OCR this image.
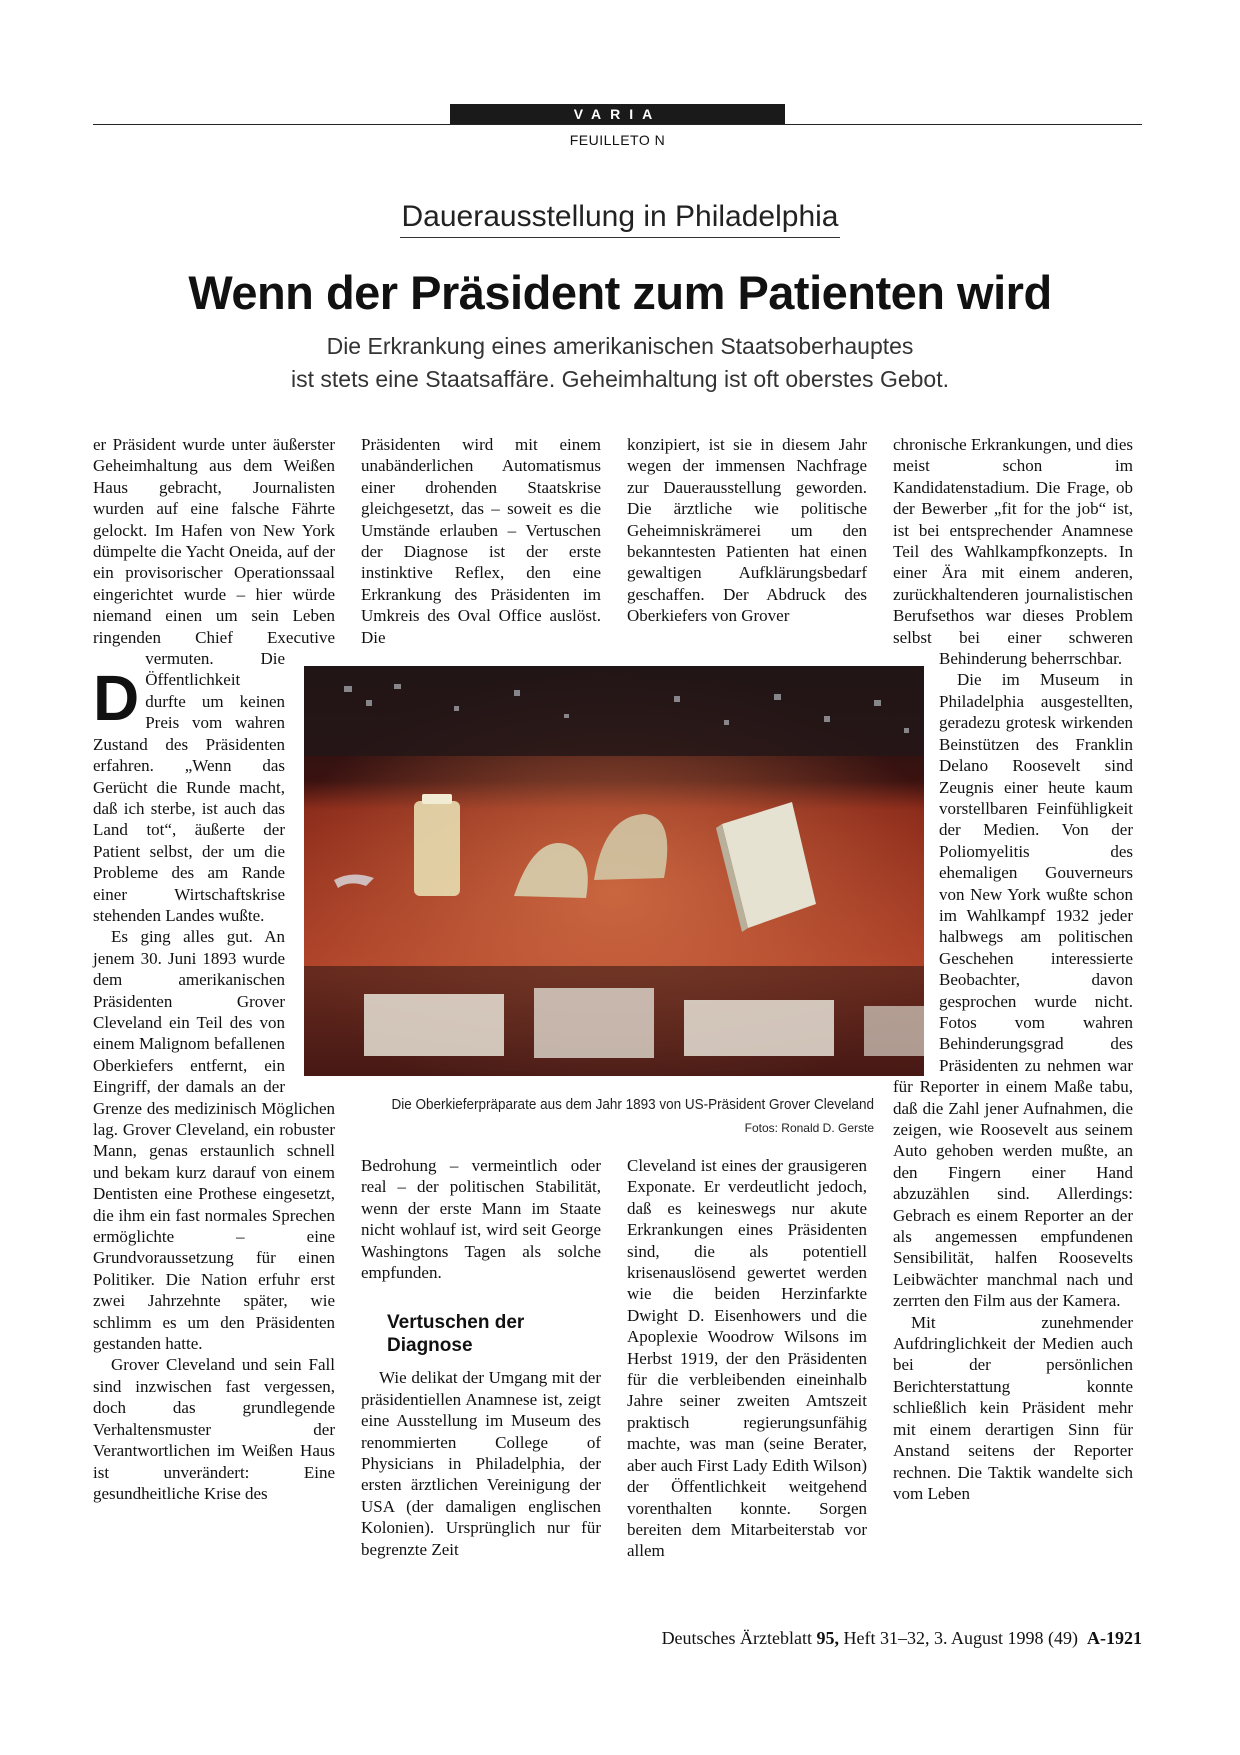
VARIA
FEUILLETO N
Dauerausstellung in Philadelphia
Wenn der Präsident zum Patienten wird
Die Erkrankung eines amerikanischen Staatsoberhauptes
ist stets eine Staatsaffäre. Geheimhaltung ist oft oberstes Gebot.
D

er Präsident wurde unter äußerster Geheimhaltung aus dem Weißen Haus gebracht, Journalisten wurden auf eine falsche Fährte gelockt. Im Hafen von New York dümpelte die Yacht Oneida, auf der ein provisorischer Operationssaal eingerichtet wurde – hier würde niemand einen um sein Leben ringenden Chief Executive vermuten. Die Öffentlichkeit durfte um keinen Preis vom wahren Zustand des Präsidenten erfahren. „Wenn das Gerücht die Runde macht, daß ich sterbe, ist auch das Land tot“, äußerte der Patient selbst, der um die Probleme des am Rande einer Wirtschaftskrise stehenden Landes wußte.

Es ging alles gut. An jenem 30. Juni 1893 wurde dem amerikanischen Präsidenten Grover Cleveland ein Teil des von einem Malignom befallenen Oberkiefers entfernt, ein Eingriff, der damals an der Grenze des medizinisch Möglichen lag. Grover Cleveland, ein robuster Mann, genas erstaunlich schnell und bekam kurz darauf von einem Dentisten eine Prothese eingesetzt, die ihm ein fast normales Sprechen ermöglichte – eine Grundvoraussetzung für einen Politiker. Die Nation erfuhr erst zwei Jahrzehnte später, wie schlimm es um den Präsidenten gestanden hatte.

Grover Cleveland und sein Fall sind inzwischen fast vergessen, doch das grundlegende Verhaltensmuster der Verantwortlichen im Weißen Haus ist unverändert: Eine gesundheitliche Krise des

Präsidenten wird mit einem unabänderlichen Automatismus einer drohenden Staatskrise gleichgesetzt, das – soweit es die Umstände erlauben – Vertuschen der Diagnose ist der erste instinktive Reflex, den eine Erkrankung des Präsidenten im Umkreis des Oval Office auslöst. Die

Bedrohung – vermeintlich oder real – der politischen Stabilität, wenn der erste Mann im Staate nicht wohlauf ist, wird seit George Washingtons Tagen als solche empfunden.

Vertuschen der Diagnose

Wie delikat der Umgang mit der präsidentiellen Anamnese ist, zeigt eine Ausstellung im Museum des renommierten College of Physicians in Philadelphia, der ersten ärztlichen Vereinigung der USA (der damaligen englischen Kolonien). Ursprünglich nur für begrenzte Zeit

konzipiert, ist sie in diesem Jahr wegen der immensen Nachfrage zur Dauerausstellung geworden. Die ärztliche wie politische Geheimniskrämerei um den bekanntesten Patienten hat einen gewaltigen Aufklärungsbedarf geschaffen. Der Abdruck des Oberkiefers von Grover

Cleveland ist eines der grausigeren Exponate. Er verdeutlicht jedoch, daß es keineswegs nur akute Erkrankungen eines Präsidenten sind, die als potentiell krisenauslösend gewertet werden wie die beiden Herzinfarkte Dwight D. Eisenhowers und die Apoplexie Woodrow Wilsons im Herbst 1919, der den Präsidenten für die verbleibenden eineinhalb Jahre seiner zweiten Amtszeit praktisch regierungsunfähig machte, was man (seine Berater, aber auch First Lady Edith Wilson) der Öffentlichkeit weitgehend vorenthalten konnte. Sorgen bereiten dem Mitarbeiterstab vor allem

chronische Erkrankungen, und dies meist schon im Kandidatenstadium. Die Frage, ob der Bewerber „fit for the job“ ist, ist bei entsprechender Anamnese Teil des Wahlkampfkonzepts. In einer Ära mit einem anderen, zurückhaltenderen journalistischen Berufsethos war dieses Problem selbst bei einer schweren Behinderung beherrschbar.

Die im Museum in Philadelphia ausgestellten, geradezu grotesk wirkenden Beinstützen des Franklin Delano Roosevelt sind Zeugnis einer heute kaum vorstellbaren Feinfühligkeit der Medien. Von der Poliomyelitis des ehemaligen Gouverneurs von New York wußte schon im Wahlkampf 1932 jeder halbwegs am politischen Geschehen interessierte Beobachter, davon gesprochen wurde nicht. Fotos vom wahren Behinderungsgrad des Präsidenten zu nehmen war für Reporter in einem Maße tabu, daß die Zahl jener Aufnahmen, die zeigen, wie Roosevelt aus seinem Auto gehoben werden mußte, an den Fingern einer Hand abzuzählen sind. Allerdings: Gebrach es einem Reporter an der als angemessen empfundenen Sensibilität, halfen Roosevelts Leibwächter manchmal nach und zerrten den Film aus der Kamera.

Mit zunehmender Aufdringlichkeit der Medien auch bei der persönlichen Berichterstattung konnte schließlich kein Präsident mehr mit einem derartigen Sinn für Anstand seitens der Reporter rechnen. Die Taktik wandelte sich vom Leben

Die Oberkieferpräparate aus dem Jahr 1893 von US-Präsident Grover Cleveland
Fotos: Ronald D. Gerste
Deutsches Ärzteblatt 95, Heft 31–32, 3. August 1998 (49) A-1921
